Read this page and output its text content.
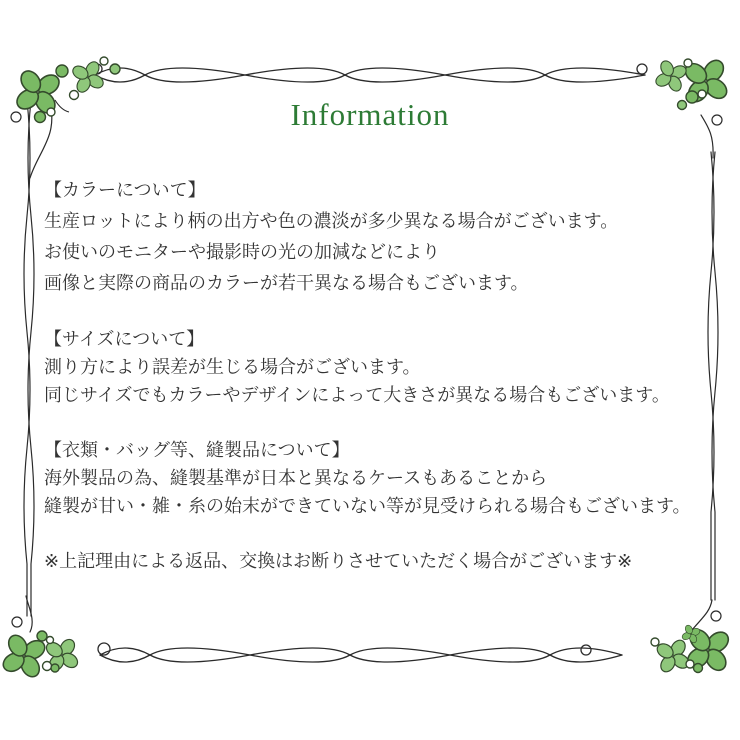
Information
【カラーについて】
生産ロットにより柄の出方や色の濃淡が多少異なる場合がございます。
お使いのモニターや撮影時の光の加減などにより
画像と実際の商品のカラーが若干異なる場合もございます。
【サイズについて】
測り方により誤差が生じる場合がございます。
同じサイズでもカラーやデザインによって大きさが異なる場合もございます。
【衣類・バッグ等、縫製品について】
海外製品の為、縫製基準が日本と異なるケースもあることから
縫製が甘い・雑・糸の始末ができていない等が見受けられる場合もございます。
※上記理由による返品、交換はお断りさせていただく場合がございます※
